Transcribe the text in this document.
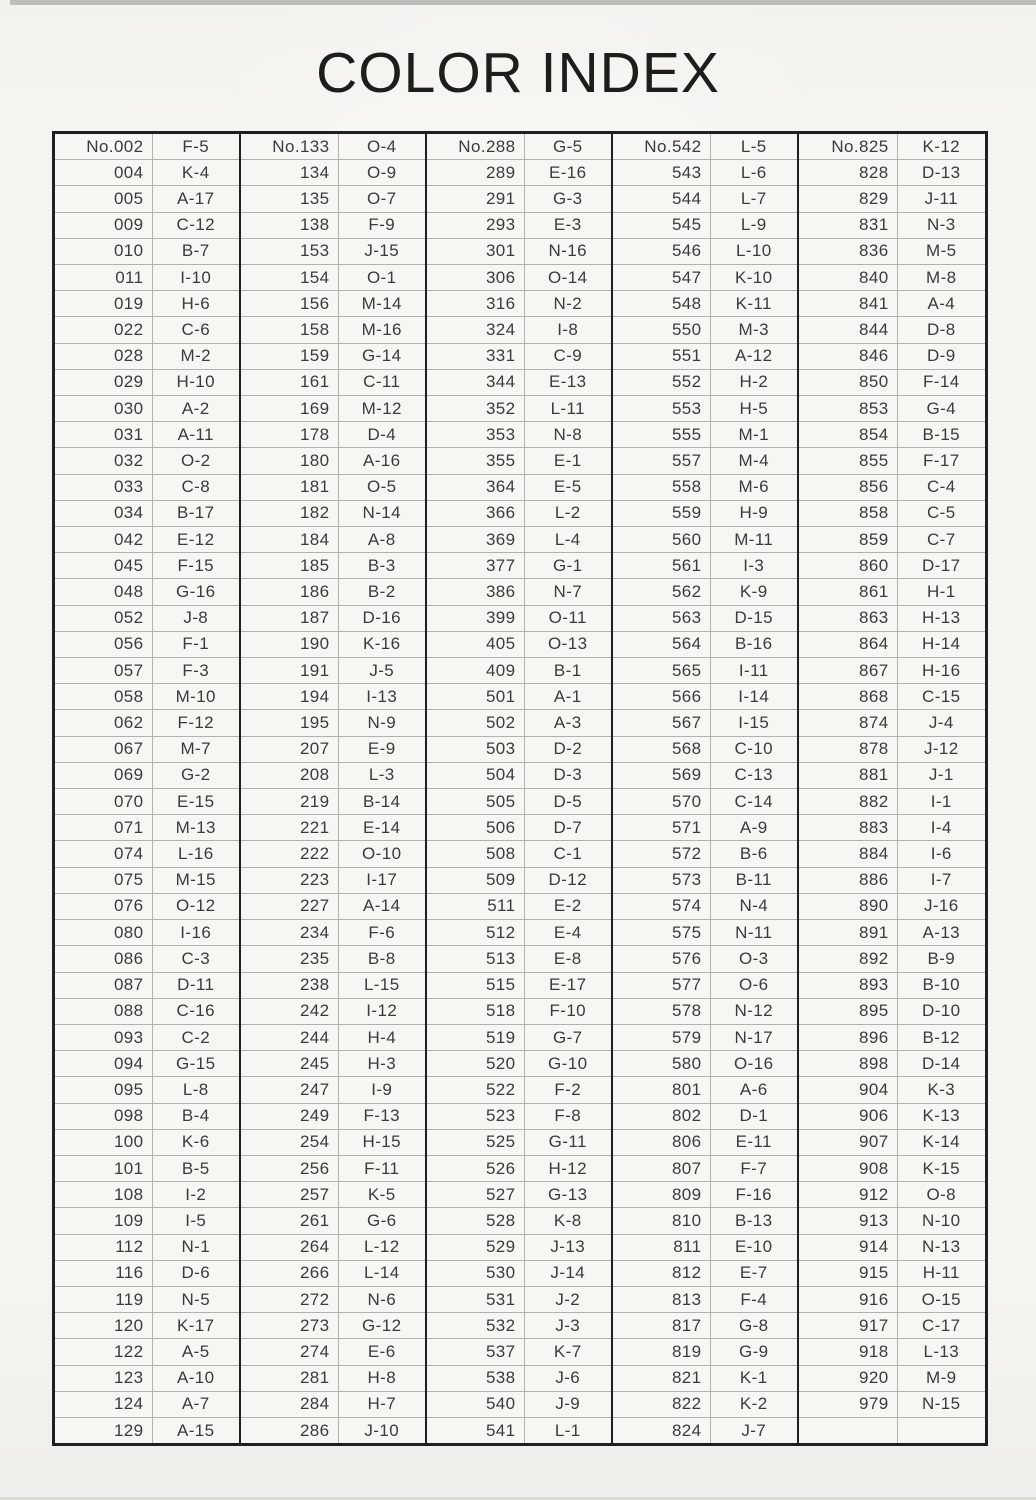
COLOR INDEX
No.002	F-5
004	K-4
005	A-17
009	C-12
010	B-7
011	I-10
019	H-6
022	C-6
028	M-2
029	H-10
030	A-2
031	A-11
032	O-2
033	C-8
034	B-17
042	E-12
045	F-15
048	G-16
052	J-8
056	F-1
057	F-3
058	M-10
062	F-12
067	M-7
069	G-2
070	E-15
071	M-13
074	L-16
075	M-15
076	O-12
080	I-16
086	C-3
087	D-11
088	C-16
093	C-2
094	G-15
095	L-8
098	B-4
100	K-6
101	B-5
108	I-2
109	I-5
112	N-1
116	D-6
119	N-5
120	K-17
122	A-5
123	A-10
124	A-7
129	A-15
No.133	O-4
134	O-9
135	O-7
138	F-9
153	J-15
154	O-1
156	M-14
158	M-16
159	G-14
161	C-11
169	M-12
178	D-4
180	A-16
181	O-5
182	N-14
184	A-8
185	B-3
186	B-2
187	D-16
190	K-16
191	J-5
194	I-13
195	N-9
207	E-9
208	L-3
219	B-14
221	E-14
222	O-10
223	I-17
227	A-14
234	F-6
235	B-8
238	L-15
242	I-12
244	H-4
245	H-3
247	I-9
249	F-13
254	H-15
256	F-11
257	K-5
261	G-6
264	L-12
266	L-14
272	N-6
273	G-12
274	E-6
281	H-8
284	H-7
286	J-10
No.288	G-5
289	E-16
291	G-3
293	E-3
301	N-16
306	O-14
316	N-2
324	I-8
331	C-9
344	E-13
352	L-11
353	N-8
355	E-1
364	E-5
366	L-2
369	L-4
377	G-1
386	N-7
399	O-11
405	O-13
409	B-1
501	A-1
502	A-3
503	D-2
504	D-3
505	D-5
506	D-7
508	C-1
509	D-12
511	E-2
512	E-4
513	E-8
515	E-17
518	F-10
519	G-7
520	G-10
522	F-2
523	F-8
525	G-11
526	H-12
527	G-13
528	K-8
529	J-13
530	J-14
531	J-2
532	J-3
537	K-7
538	J-6
540	J-9
541	L-1
No.542	L-5
543	L-6
544	L-7
545	L-9
546	L-10
547	K-10
548	K-11
550	M-3
551	A-12
552	H-2
553	H-5
555	M-1
557	M-4
558	M-6
559	H-9
560	M-11
561	I-3
562	K-9
563	D-15
564	B-16
565	I-11
566	I-14
567	I-15
568	C-10
569	C-13
570	C-14
571	A-9
572	B-6
573	B-11
574	N-4
575	N-11
576	O-3
577	O-6
578	N-12
579	N-17
580	O-16
801	A-6
802	D-1
806	E-11
807	F-7
809	F-16
810	B-13
811	E-10
812	E-7
813	F-4
817	G-8
819	G-9
821	K-1
822	K-2
824	J-7
No.825	K-12
828	D-13
829	J-11
831	N-3
836	M-5
840	M-8
841	A-4
844	D-8
846	D-9
850	F-14
853	G-4
854	B-15
855	F-17
856	C-4
858	C-5
859	C-7
860	D-17
861	H-1
863	H-13
864	H-14
867	H-16
868	C-15
874	J-4
878	J-12
881	J-1
882	I-1
883	I-4
884	I-6
886	I-7
890	J-16
891	A-13
892	B-9
893	B-10
895	D-10
896	B-12
898	D-14
904	K-3
906	K-13
907	K-14
908	K-15
912	O-8
913	N-10
914	N-13
915	H-11
916	O-15
917	C-17
918	L-13
920	M-9
979	N-15
